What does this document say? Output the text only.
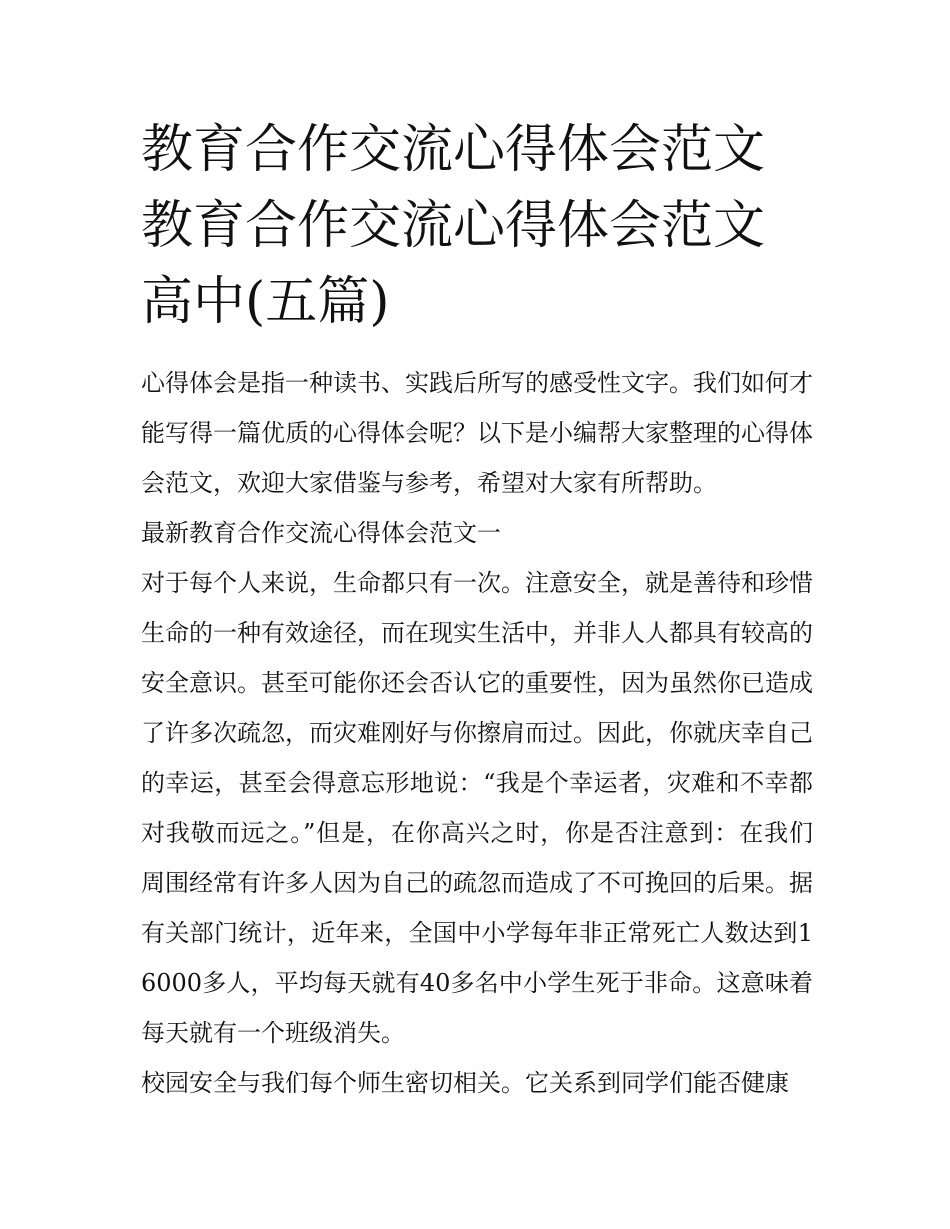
教育合作交流心得体会范文 教育合作交流心得体会范文高中(五篇)

心得体会是指一种读书、实践后所写的感受性文字。我们如何才能写得一篇优质的心得体会呢？以下是小编帮大家整理的心得体会范文，欢迎大家借鉴与参考，希望对大家有所帮助。

最新教育合作交流心得体会范文一

对于每个人来说，生命都只有一次。注意安全，就是善待和珍惜生命的一种有效途径，而在现实生活中，并非人人都具有较高的安全意识。甚至可能你还会否认它的重要性，因为虽然你已造成了许多次疏忽，而灾难刚好与你擦肩而过。因此，你就庆幸自己的幸运，甚至会得意忘形地说：“我是个幸运者，灾难和不幸都对我敬而远之。”但是，在你高兴之时，你是否注意到：在我们周围经常有许多人因为自己的疏忽而造成了不可挽回的后果。据有关部门统计，近年来，全国中小学每年非正常死亡人数达到16000多人，平均每天就有40多名中小学生死于非命。这意味着每天就有一个班级消失。

校园安全与我们每个师生密切相关。它关系到同学们能否健康
